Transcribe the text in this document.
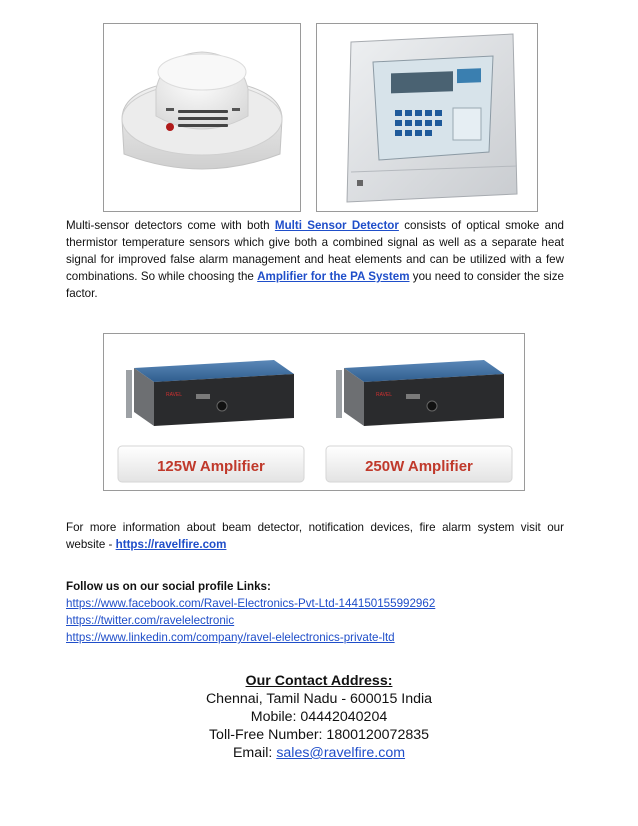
Multi-sensor detectors come with both Multi Sensor Detector consists of optical smoke and thermistor temperature sensors which give both a combined signal as well as a separate heat signal for improved false alarm management and heat elements and can be utilized with a few combinations. So while choosing the Amplifier for the PA System you need to consider the size factor.
RAVEL	RAVEL
125W Amplifier	250W Amplifier
For more information about beam detector, notification devices, fire alarm system visit our website - https://ravelfire.com
Follow us on our social profile Links:
https://www.facebook.com/Ravel-Electronics-Pvt-Ltd-144150155992962
https://twitter.com/ravelelectronic
https://www.linkedin.com/company/ravel-elelectronics-private-ltd
Our Contact Address:
Chennai, Tamil Nadu - 600015 India
Mobile: 04442040204
Toll-Free Number: 1800120072835
Email: sales@ravelfire.com
